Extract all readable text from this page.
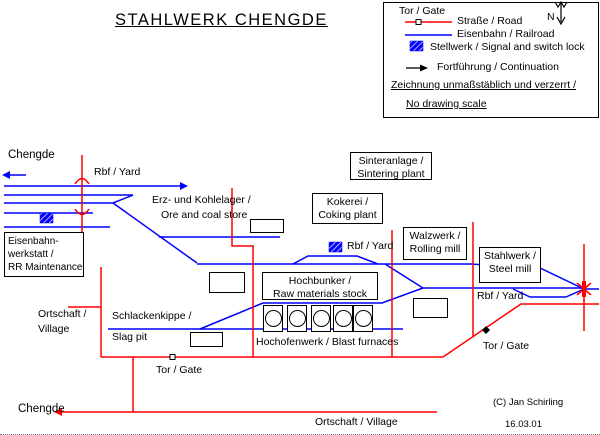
STAHLWERK CHENGDE	Tor / Gate
Straße / Road
Eisenbahn / Railroad
Stellwerk / Signal and switch lock
Fortführung / Continuation
Zeichnung unmaßstäblich und verzerrt /
No drawing scale
N
Sinteranlage /
Sintering plant
Kokerei /
Coking plant
Walzwerk /
Rolling mill
Stahlwerk /
Steel mill
Eisenbahn-
werkstatt /
RR Maintenance
Hochbunker /
Raw materials stock
Chengde
Rbf / Yard
Erz- und Kohlelager /
Ore and coal store
Rbf / Yard
Rbf / Yard
Ortschaft /
Village
Schlackenkippe /
Slag pit	Hochofenwerk / Blast furnaces
Tor / Gate
Tor / Gate
Chengde
Ortschaft / Village
(C) Jan Schirling
16.03.01
